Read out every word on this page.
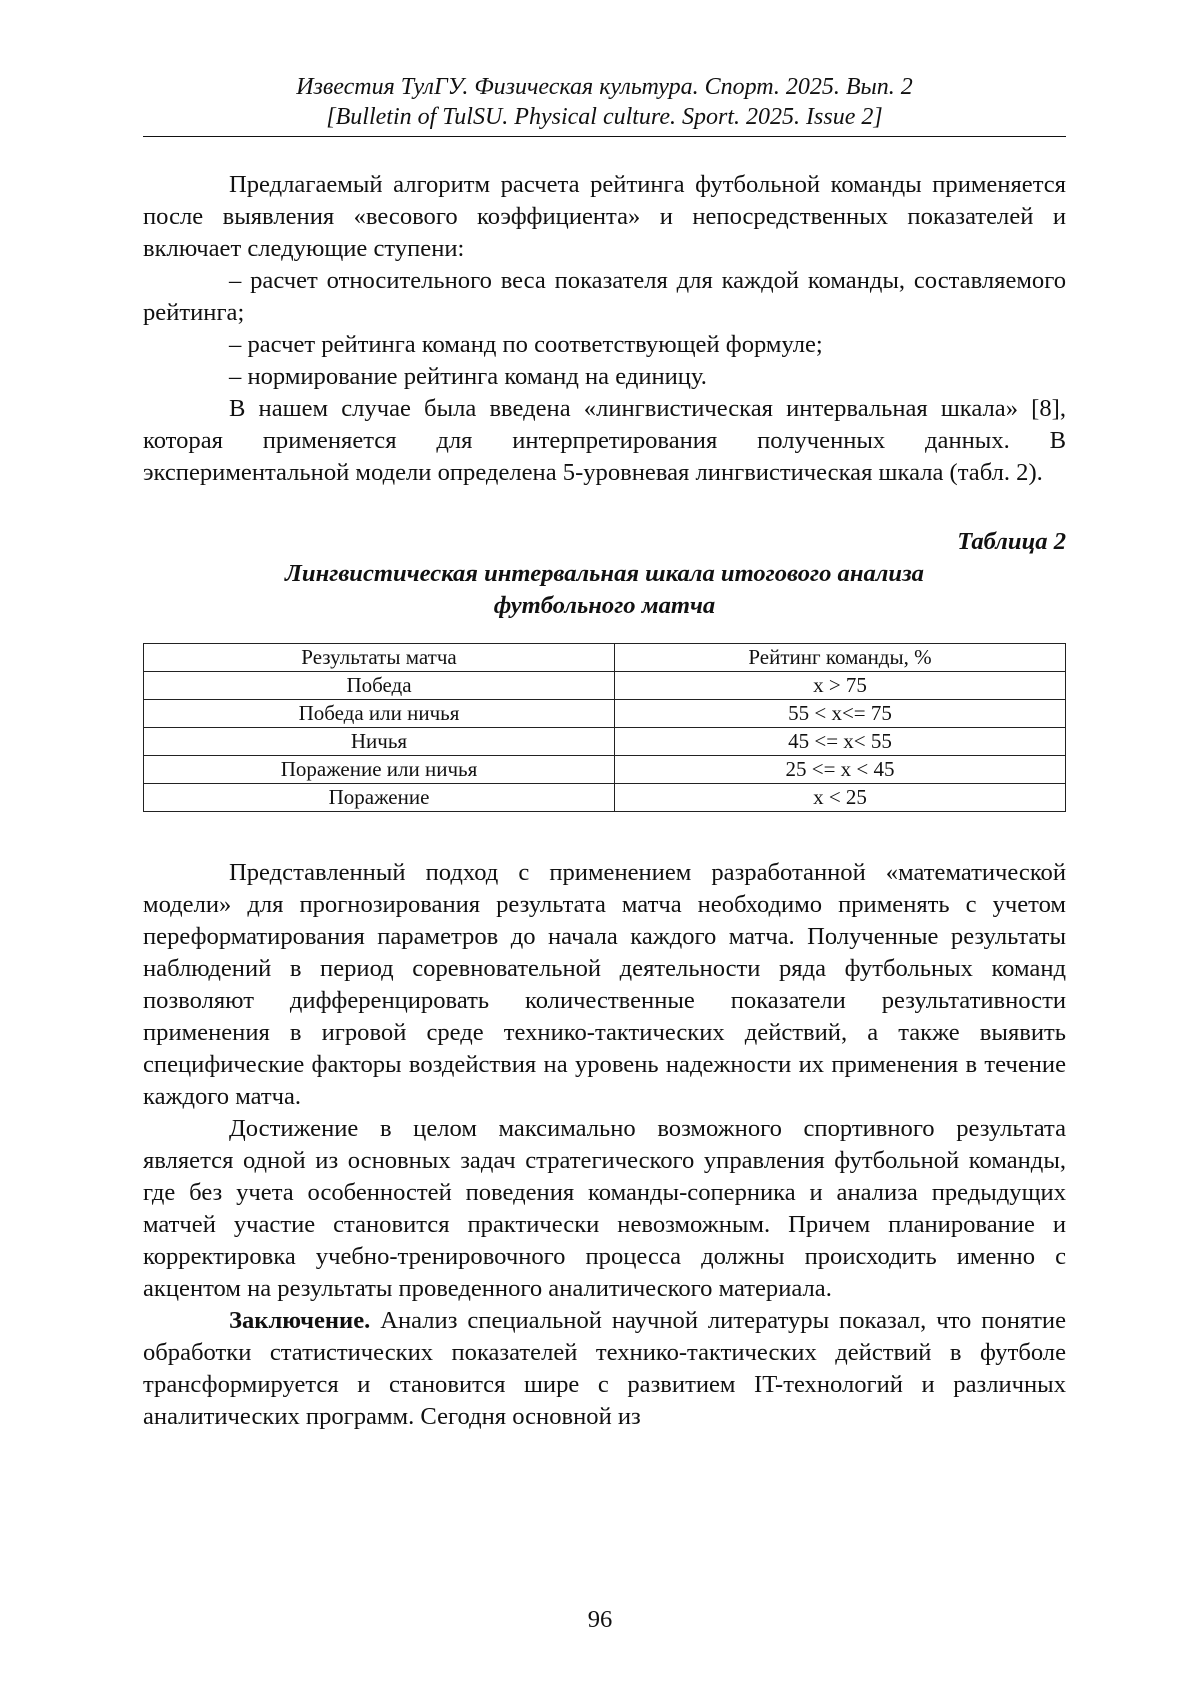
Известия ТулГУ. Физическая культура. Спорт. 2025. Вып. 2
[Bulletin of TulSU. Physical culture. Sport. 2025. Issue 2]

Предлагаемый алгоритм расчета рейтинга футбольной команды применяется после выявления «весового коэффициента» и непосредственных показателей и включает следующие ступени:

– расчет относительного веса показателя для каждой команды, составляемого рейтинга;

– расчет рейтинга команд по соответствующей формуле;

– нормирование рейтинга команд на единицу.

В нашем случае была введена «лингвистическая интервальная шкала» [8], которая применяется для интерпретирования полученных данных. В экспериментальной модели определена 5-уровневая лингвистическая шкала (табл. 2).

Таблица 2
Лингвистическая интервальная шкала итогового анализа
футбольного матча
Результаты матча	Рейтинг команды, %
Победа	x > 75
Победа или ничья	55 < x<= 75
Ничья	45 <= x< 55
Поражение или ничья	25 <= x < 45
Поражение	x < 25

Представленный подход с применением разработанной «математической модели» для прогнозирования результата матча необходимо применять с учетом переформатирования параметров до начала каждого матча. Полученные результаты наблюдений в период соревновательной деятельности ряда футбольных команд позволяют дифференцировать количественные показатели результативности применения в игровой среде технико-тактических действий, а также выявить специфические факторы воздействия на уровень надежности их применения в течение каждого матча.

Достижение в целом максимально возможного спортивного результата является одной из основных задач стратегического управления футбольной команды, где без учета особенностей поведения команды-соперника и анализа предыдущих матчей участие становится практически невозможным. Причем планирование и корректировка учебно-тренировочного процесса должны происходить именно с акцентом на результаты проведенного аналитического материала.

Заключение. Анализ специальной научной литературы показал, что понятие обработки статистических показателей технико-тактических действий в футболе трансформируется и становится шире с развитием IT-технологий и различных аналитических программ. Сегодня основной из

96
